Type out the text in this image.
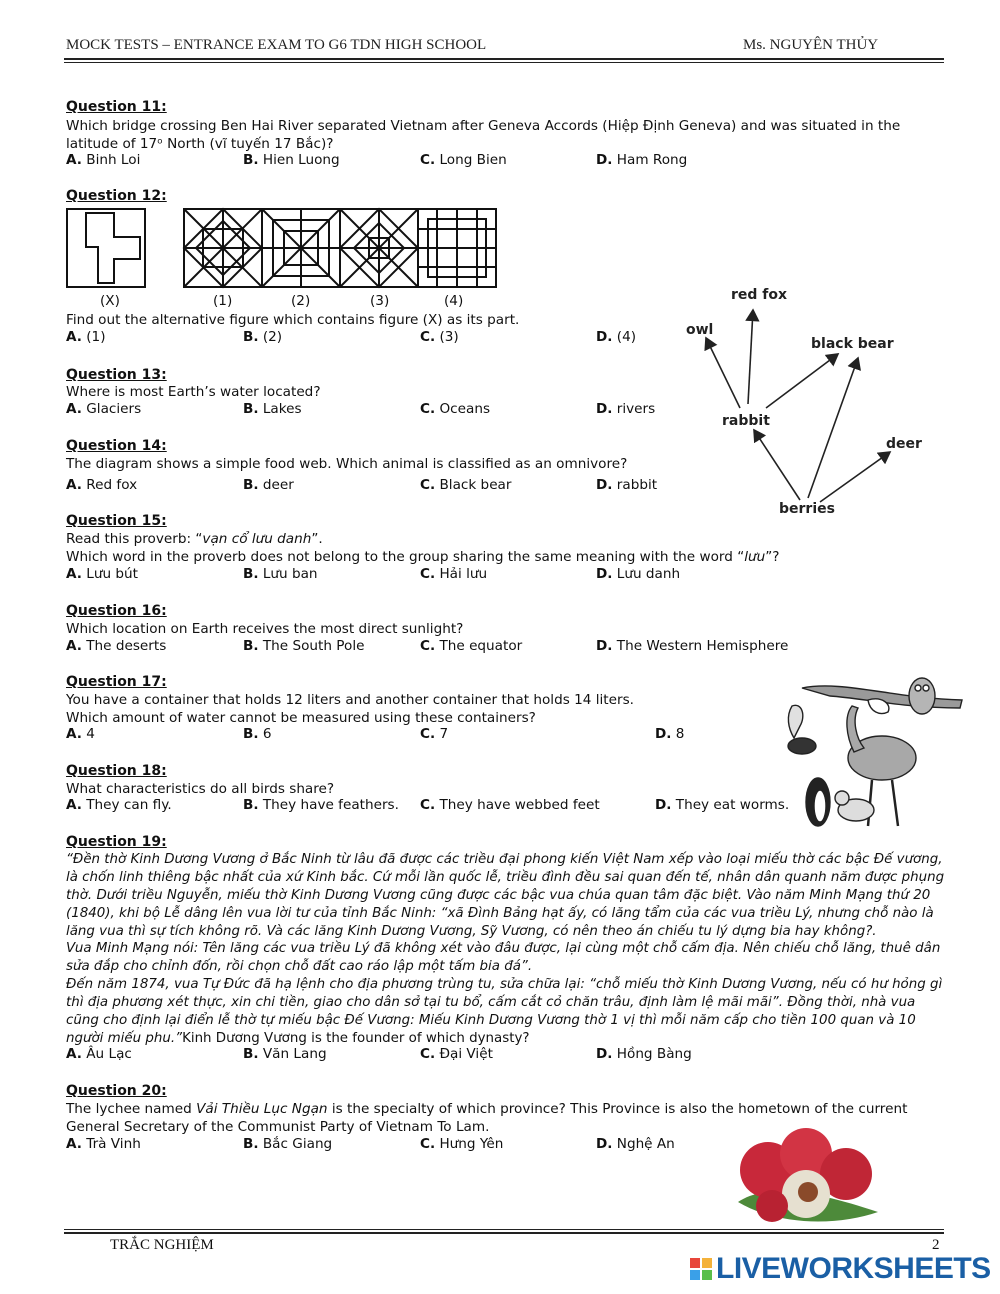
MOCK TESTS – ENTRANCE EXAM TO G6 TDN HIGH SCHOOL	Ms. NGUYÊN THỦY
Question 11:
Which bridge crossing Ben Hai River separated Vietnam after Geneva Accords (Hiệp Định Geneva) and was situated in the latitude of 17ᵒ North (vĩ tuyến 17 Bắc)?
A. Binh Loi	B. Hien Luong	C. Long Bien	D. Ham Rong
Question 12:
(X)	(1)	(2)	(3)	(4)
Find out the alternative figure which contains figure (X) as its part.
A. (1)	B. (2)	C. (3)	D. (4)
red fox
owl
black bear
rabbit
deer
berries
Question 13:
Where is most Earth’s water located?
A. Glaciers	B. Lakes	C. Oceans	D. rivers
Question 14:
The diagram shows a simple food web. Which animal is classified as an omnivore?
A. Red fox	B. deer	C. Black bear	D. rabbit
Question 15:
Read this proverb: “vạn cổ lưu danh”.
Which word in the proverb does not belong to the group sharing the same meaning with the word “lưu”?
A. Lưu bút	B. Lưu ban	C. Hải lưu	D. Lưu danh
Question 16:
Which location on Earth receives the most direct sunlight?
A. The deserts	B. The South Pole	C. The equator	D. The Western Hemisphere
Question 17:
You have a container that holds 12 liters and another container that holds 14 liters.
Which amount of water cannot be measured using these containers?
A. 4	B. 6	C. 7	D. 8
Question 18:
What characteristics do all birds share?
A. They can fly.	B. They have feathers. C. They have webbed feet	D. They eat worms.
Question 19:
“Đền thờ Kinh Dương Vương ở Bắc Ninh từ lâu đã được các triều đại phong kiến Việt Nam xếp vào loại miếu thờ các bậc Đế vương, là chốn linh thiêng bậc nhất của xứ Kinh bắc. Cứ mỗi lần quốc lễ, triều đình đều sai quan đến tế, nhân dân quanh năm được phụng thờ. Dưới triều Nguyễn, miếu thờ Kinh Dương Vương cũng được các bậc vua chúa quan tâm đặc biệt. Vào năm Minh Mạng thứ 20 (1840), khi bộ Lễ dâng lên vua lời tư của tỉnh Bắc Ninh: “xã Đình Bảng hạt ấy, có lăng tẩm của các vua triều Lý, nhưng chỗ nào là lăng vua thì sự tích không rõ. Và các lăng Kinh Dương Vương, Sỹ Vương, có nên theo án chiếu tu lý dựng bia hay không?.
Vua Minh Mạng nói: Tên lăng các vua triều Lý đã không xét vào đâu được, lại cùng một chỗ cấm địa. Nên chiếu chỗ lăng, thuê dân sửa đắp cho chỉnh đốn, rồi chọn chỗ đất cao ráo lập một tấm bia đá”.
Đến năm 1874, vua Tự Đức đã hạ lệnh cho địa phương trùng tu, sửa chữa lại: “chỗ miếu thờ Kinh Dương Vương, nếu có hư hỏng gì thì địa phương xét thực, xin chi tiền, giao cho dân sở tại tu bổ, cấm cắt cỏ chăn trâu, định làm lệ mãi mãi”. Đồng thời, nhà vua cũng cho định lại điển lễ thờ tự miếu bậc Đế Vương: Miếu Kinh Dương Vương thờ 1 vị thì mỗi năm cấp cho tiền 100 quan và 10 người miếu phu.”Kinh Dương Vương is the founder of which dynasty?
A. Âu Lạc	B. Văn Lang	C. Đại Việt	D. Hồng Bàng
Question 20:
The lychee named Vải Thiều Lục Ngạn is the specialty of which province? This Province is also the hometown of the current General Secretary of the Communist Party of Vietnam To Lam.
A. Trà Vinh	B. Bắc Giang	C. Hưng Yên	D. Nghệ An
TRẮC NGHIỆM	2
LIVEWORKSHEETS
